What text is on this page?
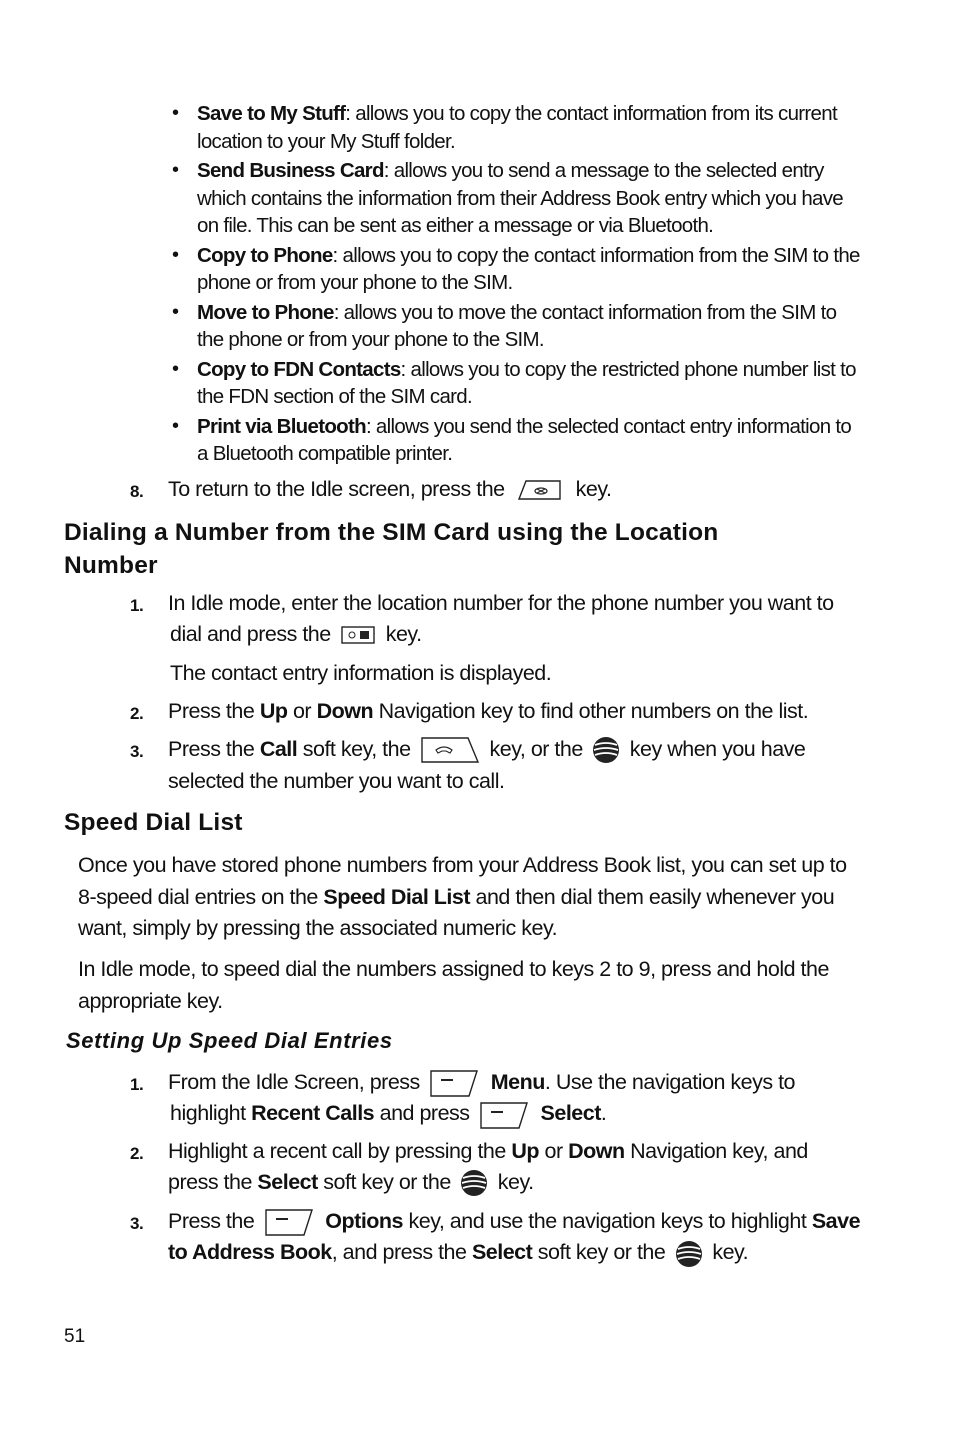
• Save to My Stuff: allows you to copy the contact information from its current location to your My Stuff folder.
• Send Business Card: allows you to send a message to the selected entry which contains the information from their Address Book entry which you have on file. This can be sent as either a message or via Bluetooth.
• Copy to Phone: allows you to copy the contact information from the SIM to the phone or from your phone to the SIM.
• Move to Phone: allows you to move the contact information from the SIM to the phone or from your phone to the SIM.
• Copy to FDN Contacts: allows you to copy the restricted phone number list to the FDN section of the SIM card.
• Print via Bluetooth: allows you send the selected contact entry information to a Bluetooth compatible printer.
8. To return to the Idle screen, press the	key.
Dialing a Number from the SIM Card using the Location
Number
1. In Idle mode, enter the location number for the phone number you want to
dial and press the	key.
The contact entry information is displayed.
2. Press the Up or Down Navigation key to find other numbers on the list.
3. Press the Call soft key, the	key, or the key when you have
selected the number you want to call.
Speed Dial List
Once you have stored phone numbers from your Address Book list, you can set up to
8-speed dial entries on the Speed Dial List and then dial them easily whenever you
want, simply by pressing the associated numeric key.
In Idle mode, to speed dial the numbers assigned to keys 2 to 9, press and hold the
appropriate key.
Setting Up Speed Dial Entries
1. From the Idle Screen, press	Menu. Use the navigation keys to
highlight Recent Calls and press	Select.
2. Highlight a recent call by pressing the Up or Down Navigation key, and
press the Select soft key or the key.
3. Press the	Options key, and use the navigation keys to highlight Save
to Address Book, and press the Select soft key or the key.
51
